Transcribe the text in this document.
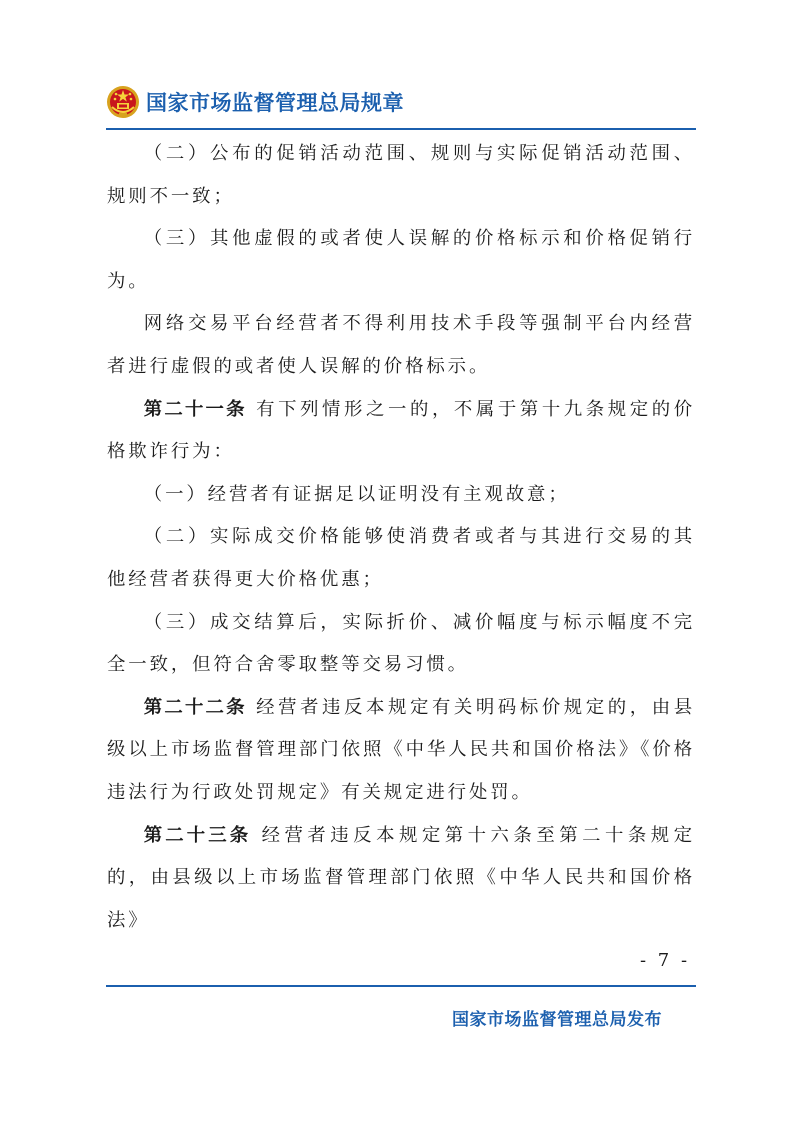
国家市场监督管理总局规章

（二）公布的促销活动范围、规则与实际促销活动范围、规则不一致；

（三）其他虚假的或者使人误解的价格标示和价格促销行为。

网络交易平台经营者不得利用技术手段等强制平台内经营者进行虚假的或者使人误解的价格标示。

第二十一条 有下列情形之一的，不属于第十九条规定的价格欺诈行为：

（一）经营者有证据足以证明没有主观故意；

（二）实际成交价格能够使消费者或者与其进行交易的其他经营者获得更大价格优惠；

（三）成交结算后，实际折价、减价幅度与标示幅度不完全一致，但符合舍零取整等交易习惯。

第二十二条 经营者违反本规定有关明码标价规定的，由县级以上市场监督管理部门依照《中华人民共和国价格法》《价格违法行为行政处罚规定》有关规定进行处罚。

第二十三条 经营者违反本规定第十六条至第二十条规定的，由县级以上市场监督管理部门依照《中华人民共和国价格法》

- 7 -
国家市场监督管理总局发布
